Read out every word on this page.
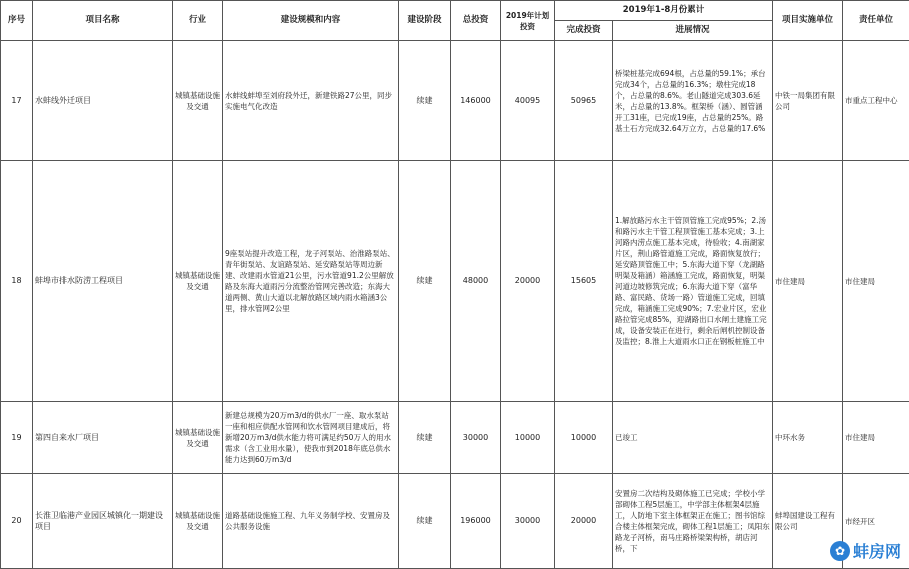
序号	项目名称	行业	建设规模和内容	建设阶段	总投资	2019年计划投资	2019年1-8月份累计		项目实施单位	责任单位
							完成投资	进展情况		
17	水蚌线外迁项目	城镇基础设施及交通	水蚌线蚌埠至刘府段外迁，新建铁路27公里，同步实施电气化改造	续建	146000	40095	50965	桥梁桩基完成694根，占总量的59.1%；承台完成34个，占总量的16.3%；墩柱完成18个，占总量的8.6%。老山隧道完成303.6延米，占总量的13.8%。框架桥（涵）、圆管涵开工31座，已完成19座，占总量的25%。路基土石方完成32.64万立方，占总量的17.6%	中铁一局集团有限公司	市重点工程中心
18	蚌埠市排水防涝工程项目	城镇基础设施及交通	9座泵站提升改造工程，龙子河泵站、治淮路泵站、青年街泵站、友谊路泵站、延安路泵站等周边新建、改建雨水管道21公里，污水管道91.2公里解放路及东海大道雨污分流整治管网完善改造；东海大道两侧、黄山大道以北解放路区域内雨水箱涵3公里，排水管网2公里	续建	48000	20000	15605	1.解放路污水主干管顶管施工完成95%；2.汤和路污水主干管工程顶管施工基本完成；3.上河路内涝点施工基本完成，待验收；4.南湖家片区，荆山路管道施工完成，路面恢复放行；延安路顶管施工中；5.东海大道下穿（龙湖路明渠及箱涵）箱涵施工完成，路面恢复，明渠河道边坡修筑完成；6.东海大道下穿（富华路、富民路、货场一路）管道施工完成，回填完成，箱涵施工完成90%；7.宏业片区，宏业路拉管完成85%，迎湖路出口水闸土建施工完成，设备安装正在进行，剩余后闸机控制设备及监控；8.淮上大道雨水口正在钢板桩施工中	市住建局	市住建局
19	第四自来水厂项目	城镇基础设施及交通	新建总规模为20万m3/d的供水厂一座、取水泵站一座和相应供配水管网和饮水管网项目建成后，将新增20万m3/d供水能力将可满足约50万人的用水需求（含工业用水量），使我市到2018年底总供水能力达到60万m3/d	续建	30000	10000	10000	已竣工	中环水务	市住建局
20	长淮卫临港产业园区城镇化一期建设项目	城镇基础设施及交通	道路基础设施施工程、九年义务制学校、安置房及公共服务设施	续建	196000	30000	20000	安置房二次结构及砌体施工已完成；学校小学部砌体工程5层施工，中学部主体框架4层施工，人防地下室主体框架正在施工；图书馆综合楼主体框架完成，砌体工程1层施工；凤阳东路龙子河桥，南马庄路桥梁架构桥，胡店河桥，下	蚌埠国建设工程有限公司	市经开区
✿ 蚌房网
